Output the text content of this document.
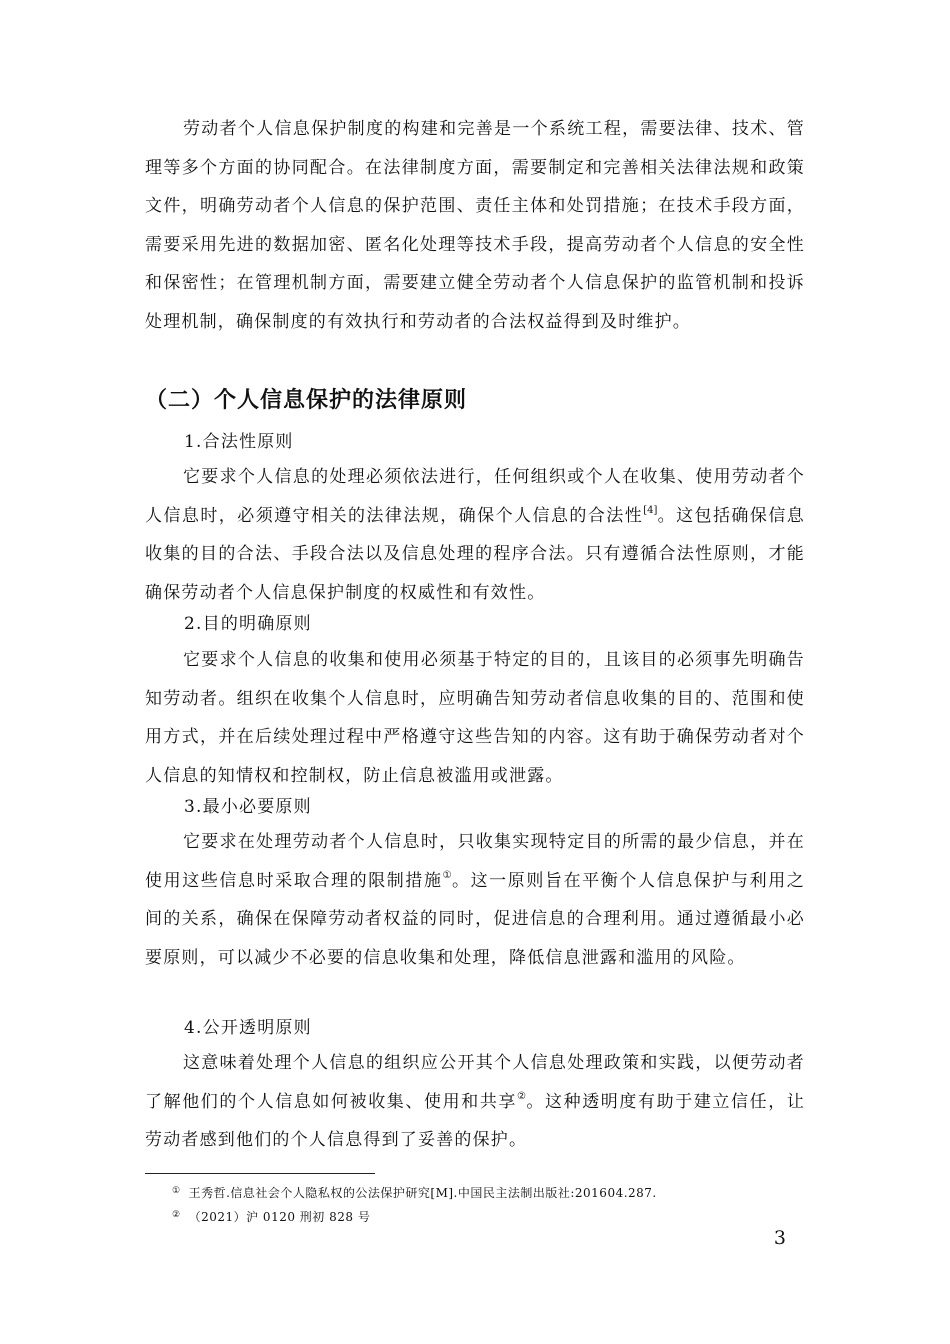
劳动者个人信息保护制度的构建和完善是一个系统工程，需要法律、技术、管理等多个方面的协同配合。在法律制度方面，需要制定和完善相关法律法规和政策文件，明确劳动者个人信息的保护范围、责任主体和处罚措施；在技术手段方面，需要采用先进的数据加密、匿名化处理等技术手段，提高劳动者个人信息的安全性和保密性；在管理机制方面，需要建立健全劳动者个人信息保护的监管机制和投诉处理机制，确保制度的有效执行和劳动者的合法权益得到及时维护。

（二）个人信息保护的法律原则
1.合法性原则

它要求个人信息的处理必须依法进行，任何组织或个人在收集、使用劳动者个人信息时，必须遵守相关的法律法规，确保个人信息的合法性[4]。这包括确保信息收集的目的合法、手段合法以及信息处理的程序合法。只有遵循合法性原则，才能确保劳动者个人信息保护制度的权威性和有效性。

2.目的明确原则

它要求个人信息的收集和使用必须基于特定的目的，且该目的必须事先明确告知劳动者。组织在收集个人信息时，应明确告知劳动者信息收集的目的、范围和使用方式，并在后续处理过程中严格遵守这些告知的内容。这有助于确保劳动者对个人信息的知情权和控制权，防止信息被滥用或泄露。

3.最小必要原则

它要求在处理劳动者个人信息时，只收集实现特定目的所需的最少信息，并在使用这些信息时采取合理的限制措施①。这一原则旨在平衡个人信息保护与利用之间的关系，确保在保障劳动者权益的同时，促进信息的合理利用。通过遵循最小必要原则，可以减少不必要的信息收集和处理，降低信息泄露和滥用的风险。

4.公开透明原则

这意味着处理个人信息的组织应公开其个人信息处理政策和实践，以便劳动者了解他们的个人信息如何被收集、使用和共享②。这种透明度有助于建立信任，让劳动者感到他们的个人信息得到了妥善的保护。

① 王秀哲.信息社会个人隐私权的公法保护研究[M].中国民主法制出版社:201604.287.

② （2021）沪 0120 刑初 828 号

3
